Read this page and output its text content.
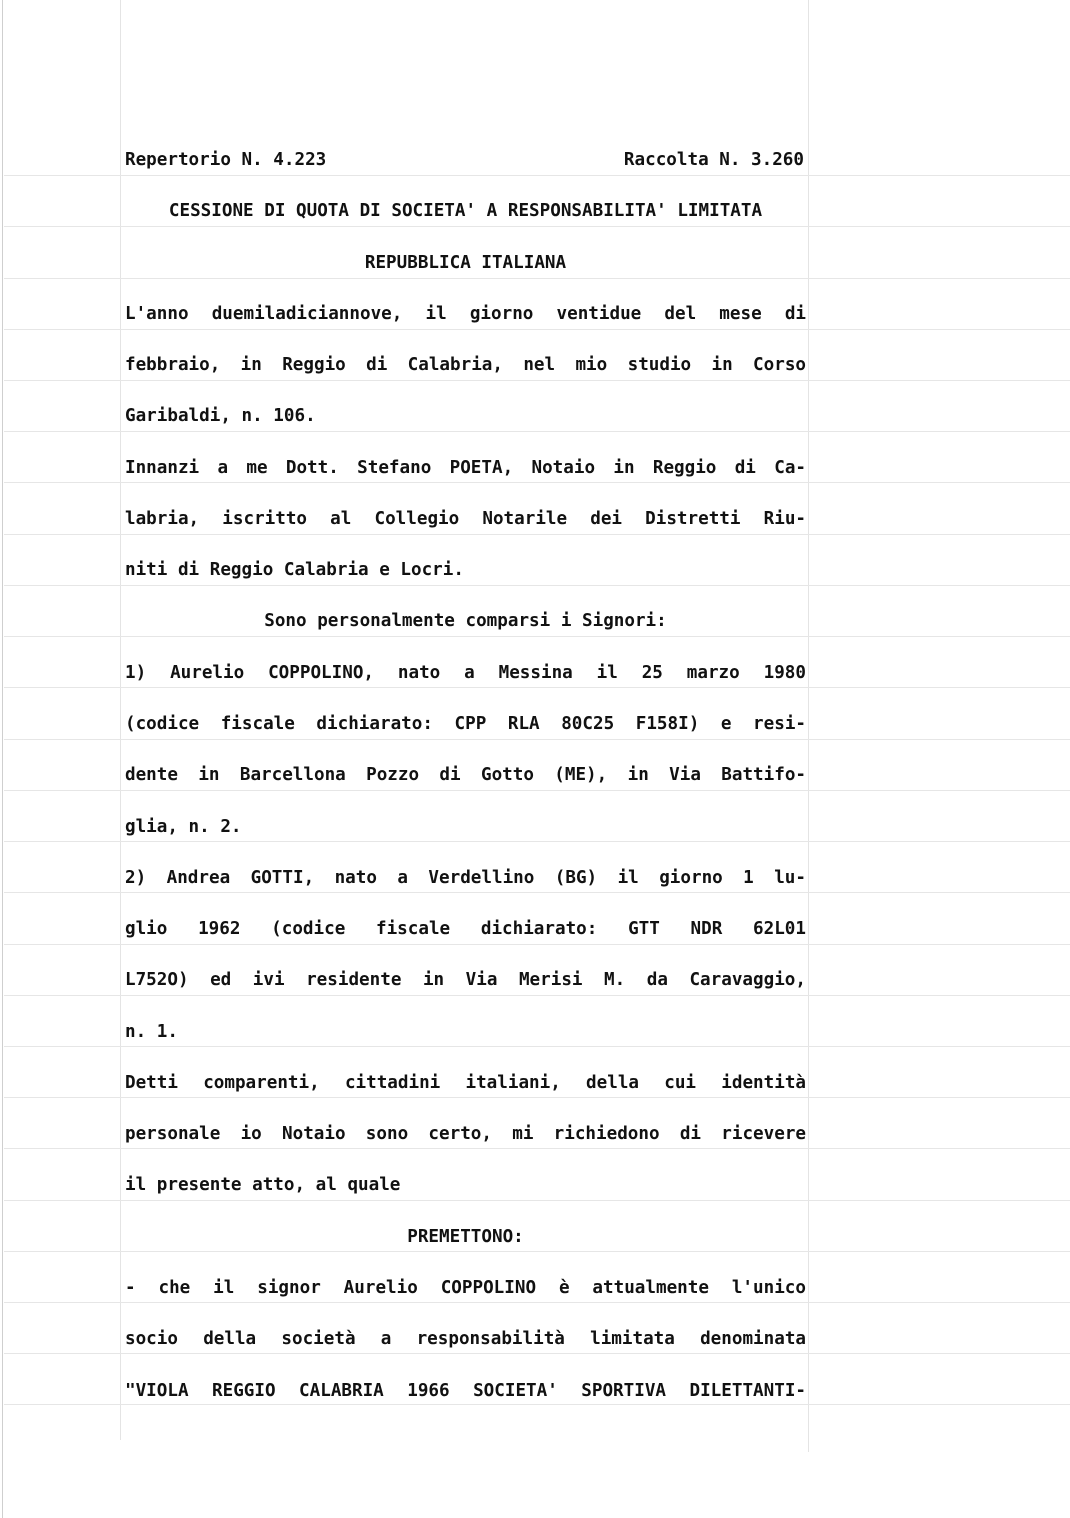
Repertorio N. 4.223	Raccolta N. 3.260
CESSIONE DI QUOTA DI SOCIETA' A RESPONSABILITA' LIMITATA
REPUBBLICA ITALIANA
L'anno duemiladiciannove, il giorno ventidue del mese di
febbraio, in Reggio di Calabria, nel mio studio in Corso
Garibaldi, n. 106.
Innanzi a me Dott. Stefano POETA, Notaio in Reggio di Ca-
labria, iscritto al Collegio Notarile dei Distretti Riu-
niti di Reggio Calabria e Locri.
Sono personalmente comparsi i Signori:
1) Aurelio COPPOLINO, nato a Messina il 25 marzo 1980
(codice fiscale dichiarato: CPP RLA 80C25 F158I) e resi-
dente in Barcellona Pozzo di Gotto (ME), in Via Battifo-
glia, n. 2.
2) Andrea GOTTI, nato a Verdellino (BG) il giorno 1 lu-
glio 1962 (codice fiscale dichiarato: GTT NDR 62L01
L752O) ed ivi residente in Via Merisi M. da Caravaggio,
n. 1.
Detti comparenti, cittadini italiani, della cui identità
personale io Notaio sono certo, mi richiedono di ricevere
il presente atto, al quale
PREMETTONO:
- che il signor Aurelio COPPOLINO è attualmente l'unico
socio della società a responsabilità limitata denominata
"VIOLA REGGIO CALABRIA 1966 SOCIETA' SPORTIVA DILETTANTI-
